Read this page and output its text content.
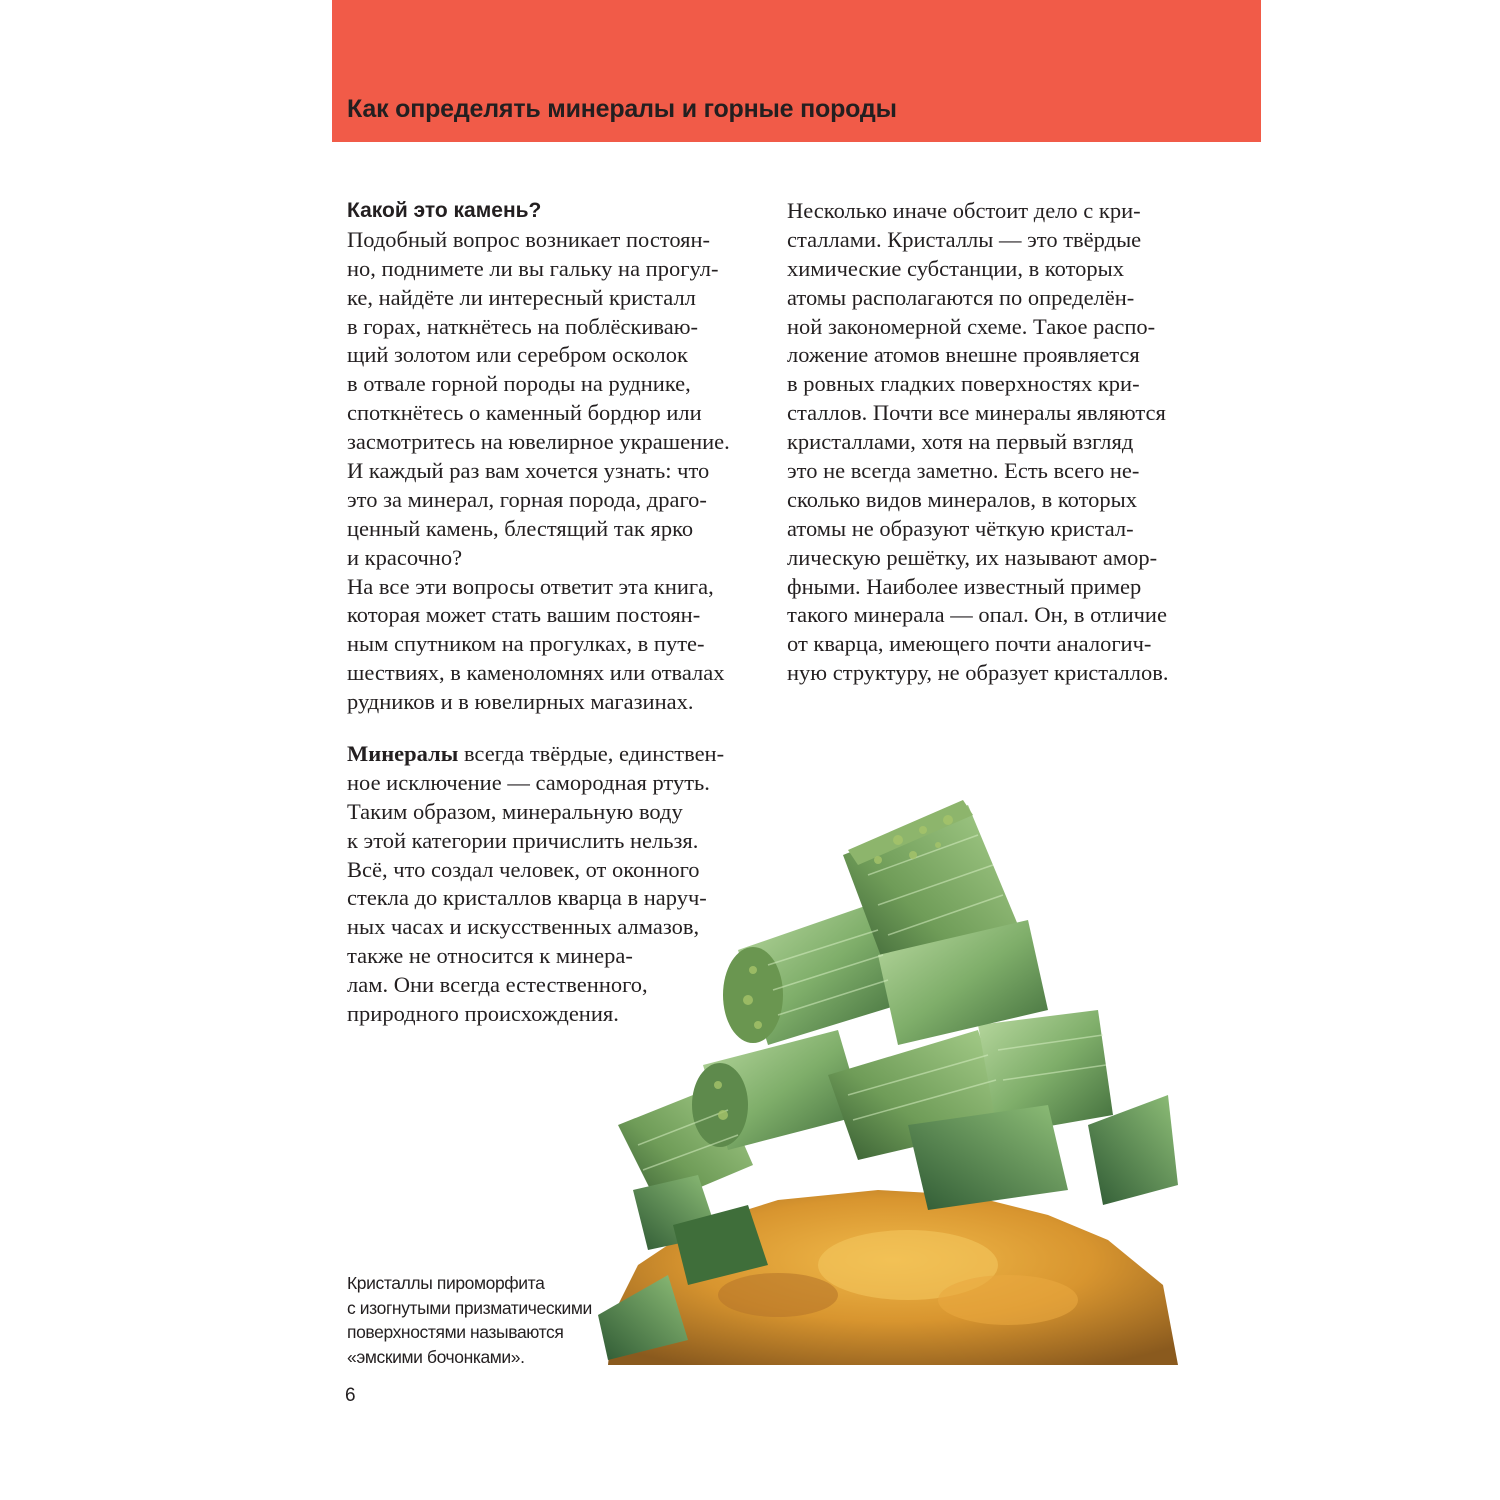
Как определять минералы и горные породы
Какой это камень?
Подобный вопрос возникает постоян-
но, поднимете ли вы гальку на прогул-
ке, найдёте ли интересный кристалл
в горах, наткнётесь на поблёскиваю-
щий золотом или серебром осколок
в отвале горной породы на руднике,
споткнётесь о каменный бордюр или
засмотритесь на ювелирное украшение.
И каждый раз вам хочется узнать: что
это за минерал, горная порода, драго-
ценный камень, блестящий так ярко
и красочно?
На все эти вопросы ответит эта книга,
которая может стать вашим постоян-
ным спутником на прогулках, в путе-
шествиях, в каменоломнях или отвалах
рудников и в ювелирных магазинах.
Несколько иначе обстоит дело с кри-
сталлами. Кристаллы — это твёрдые
химические субстанции, в которых
атомы располагаются по определён-
ной закономерной схеме. Такое распо-
ложение атомов внешне проявляется
в ровных гладких поверхностях кри-
сталлов. Почти все минералы являются
кристаллами, хотя на первый взгляд
это не всегда заметно. Есть всего не-
сколько видов минералов, в которых
атомы не образуют чёткую кристал-
лическую решётку, их называют амор-
фными. Наиболее известный пример
такого минерала — опал. Он, в отличие
от кварца, имеющего почти аналогич-
ную структуру, не образует кристаллов.
Минералы всегда твёрдые, единствен-
ное исключение — самородная ртуть.
Таким образом, минеральную воду
к этой категории причислить нельзя.
Всё, что создал человек, от оконного
стекла до кристаллов кварца в наруч-
ных часах и искусственных алмазов,
также не относится к минера-
лам. Они всегда естественного,
природного происхождения.
Кристаллы пироморфита
с изогнутыми призматическими
поверхностями называются
«эмскими бочонками».
6
